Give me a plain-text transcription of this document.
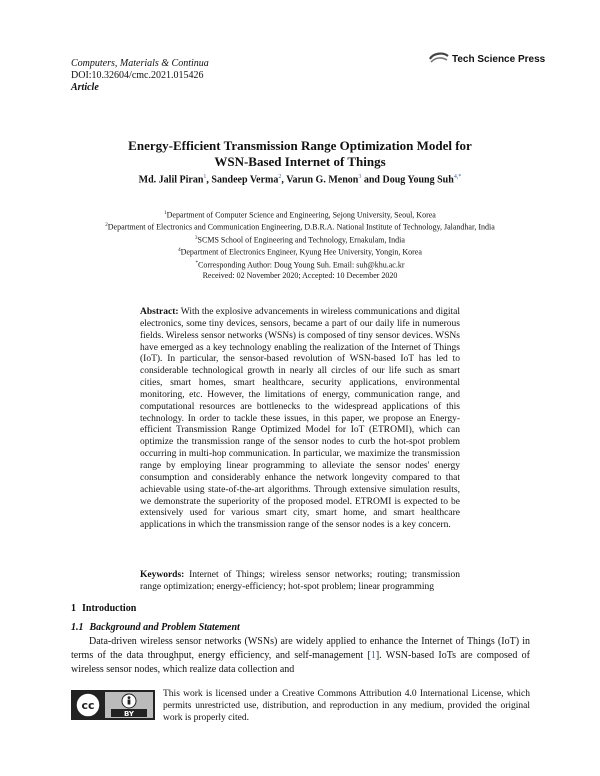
Computers, Materials & Continua
DOI:10.32604/cmc.2021.015426
Article
Tech Science Press
Energy-Efficient Transmission Range Optimization Model for
WSN-Based Internet of Things
Md. Jalil Piran$^1$, Sandeep Verma$^2$, Varun G. Menon$^3$ and Doug Young Suh$^{4,*}$
$^1$Department of Computer Science and Engineering, Sejong University, Seoul, Korea
$^2$Department of Electronics and Communication Engineering, D.B.R.A. National Institute of Technology, Jalandhar, India
$^3$SCMS School of Engineering and Technology, Ernakulam, India
$^4$Department of Electronics Engineer, Kyung Hee University, Yongin, Korea
*Corresponding Author: Doug Young Suh. Email: suh@khu.ac.kr
Received: 02 November 2020; Accepted: 10 December 2020
Abstract: With the explosive advancements in wireless communications and digital electronics, some tiny devices, sensors, became a part of our daily life in numerous fields. Wireless sensor networks (WSNs) is composed of tiny sensor devices. WSNs have emerged as a key technology enabling the realization of the Internet of Things (IoT). In particular, the sensor-based revolution of WSN-based IoT has led to considerable technological growth in nearly all circles of our life such as smart cities, smart homes, smart healthcare, security applications, environmental monitoring, etc. However, the limitations of energy, communication range, and computational resources are bottlenecks to the widespread applications of this technology. In order to tackle these issues, in this paper, we propose an Energy-efficient Transmission Range Optimized Model for IoT (ETROMI), which can optimize the transmission range of the sensor nodes to curb the hot-spot problem occurring in multi-hop communication. In particular, we maximize the transmission range by employing linear programming to alleviate the sensor nodes' energy consumption and considerably enhance the network longevity compared to that achievable using state-of-the-art algorithms. Through extensive simulation results, we demonstrate the superiority of the proposed model. ETROMI is expected to be extensively used for various smart city, smart home, and smart healthcare applications in which the transmission range of the sensor nodes is a key concern.
Keywords: Internet of Things; wireless sensor networks; routing; transmission range optimization; energy-efficiency; hot-spot problem; linear programming
1 Introduction
1.1 Background and Problem Statement
Data-driven wireless sensor networks (WSNs) are widely applied to enhance the Internet of Things (IoT) in terms of the data throughput, energy efficiency, and self-management [1]. WSN-based IoTs are composed of wireless sensor nodes, which realize data collection and
cc
BY
This work is licensed under a Creative Commons Attribution 4.0 International License, which permits unrestricted use, distribution, and reproduction in any medium, provided the original work is properly cited.
